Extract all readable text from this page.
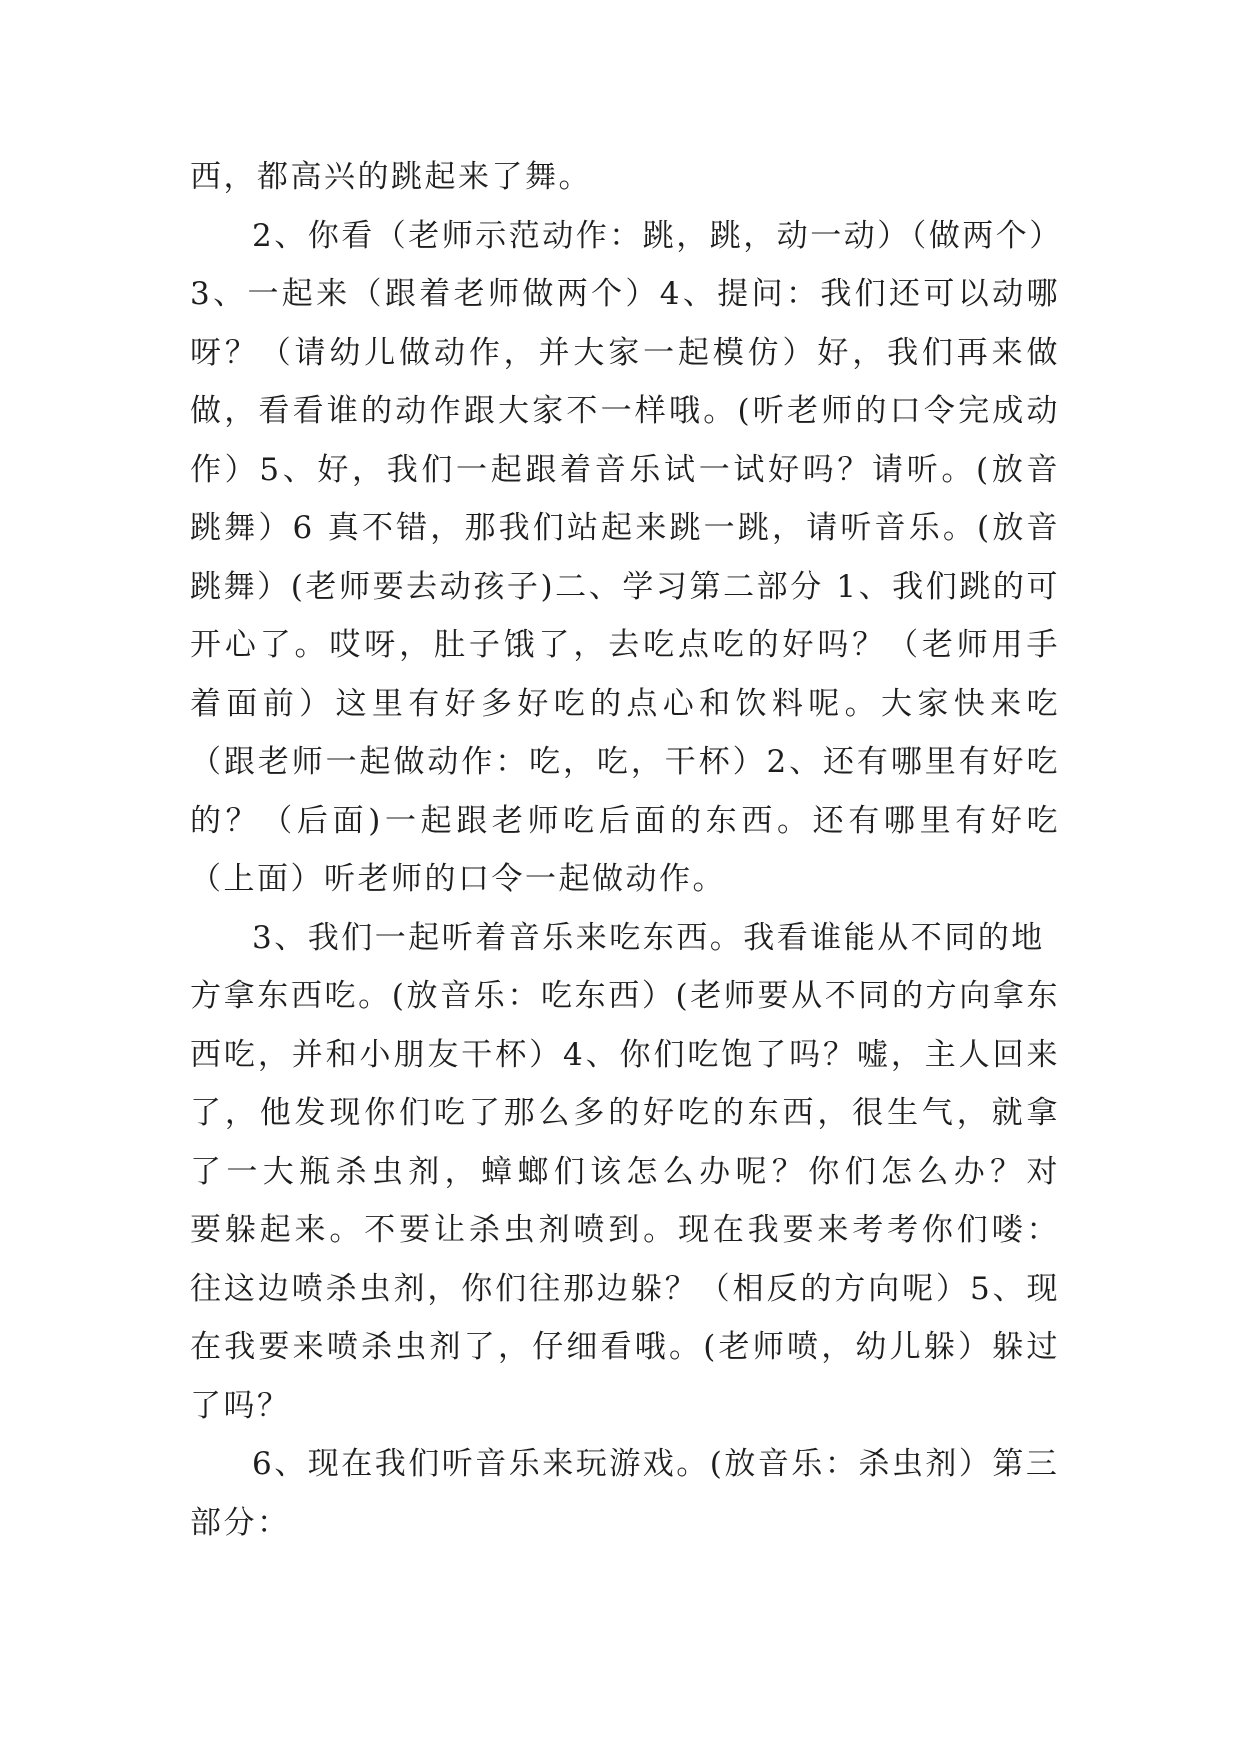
西，都高兴的跳起来了舞。
2、你看（老师示范动作：跳，跳，动一动）（做两个）
3、一起来（跟着老师做两个）4、提问：我们还可以动哪
呀？（请幼儿做动作，并大家一起模仿）好，我们再来做
做，看看谁的动作跟大家不一样哦。(听老师的口令完成动
作）5、好，我们一起跟着音乐试一试好吗？请听。(放音
跳舞）6 真不错，那我们站起来跳一跳，请听音乐。(放音
跳舞）(老师要去动孩子)二、学习第二部分 1、我们跳的可
开心了。哎呀，肚子饿了，去吃点吃的好吗？（老师用手
着面前）这里有好多好吃的点心和饮料呢。大家快来吃
（跟老师一起做动作：吃，吃，干杯）2、还有哪里有好吃
的？（后面)一起跟老师吃后面的东西。还有哪里有好吃
（上面）听老师的口令一起做动作。
3、我们一起听着音乐来吃东西。我看谁能从不同的地
方拿东西吃。(放音乐：吃东西）(老师要从不同的方向拿东
西吃，并和小朋友干杯）4、你们吃饱了吗？嘘，主人回来
了，他发现你们吃了那么多的好吃的东西，很生气，就拿
了一大瓶杀虫剂，蟑螂们该怎么办呢？你们怎么办？对
要躲起来。不要让杀虫剂喷到。现在我要来考考你们喽：
往这边喷杀虫剂，你们往那边躲？（相反的方向呢）5、现
在我要来喷杀虫剂了，仔细看哦。(老师喷，幼儿躲）躲过
了吗？
6、现在我们听音乐来玩游戏。(放音乐：杀虫剂）第三
部分：
